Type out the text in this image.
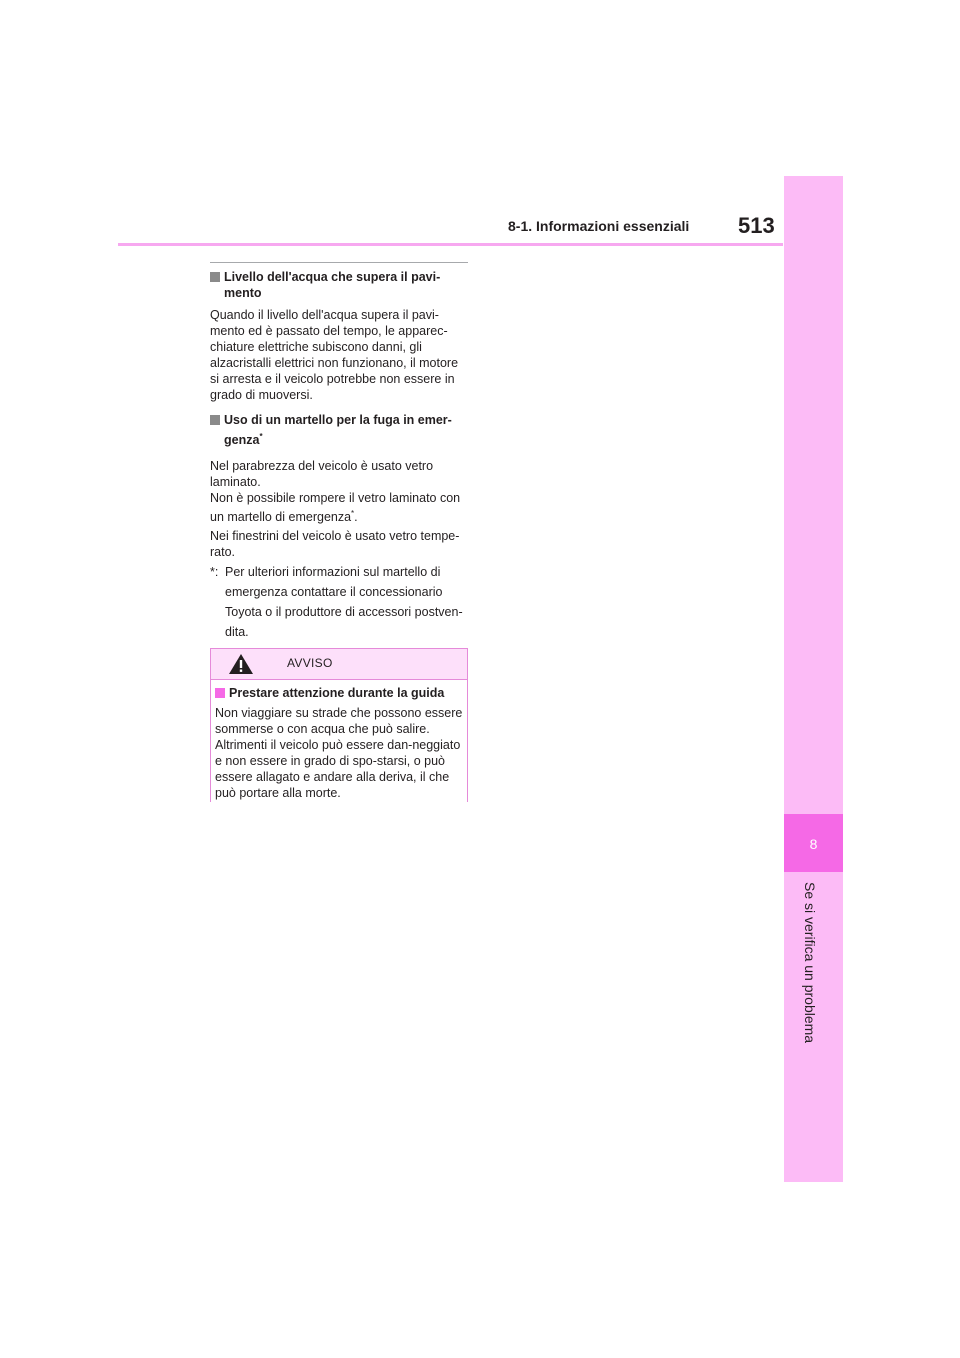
8-1. Informazioni essenziali 513
8
Se si verifica un problema
Livello dell'acqua che supera il pavi-
mento
Quando il livello dell'acqua supera il pavi-
mento ed è passato del tempo, le apparec-
chiature elettriche subiscono danni, gli
alzacristalli elettrici non funzionano, il motore
si arresta e il veicolo potrebbe non essere in
grado di muoversi.
Uso di un martello per la fuga in emer-
genza*
Nel parabrezza del veicolo è usato vetro
laminato.
Non è possibile rompere il vetro laminato con
un martello di emergenza*.
Nei finestrini del veicolo è usato vetro tempe-
rato.
*: Per ulteriori informazioni sul martello di emergenza contattare il concessionario Toyota o il produttore di accessori postven-dita.
AVVISO
Prestare attenzione durante la guida
Non viaggiare su strade che possono essere sommerse o con acqua che può salire. Altrimenti il veicolo può essere dan-neggiato e non essere in grado di spo-starsi, o può essere allagato e andare alla deriva, il che può portare alla morte.
